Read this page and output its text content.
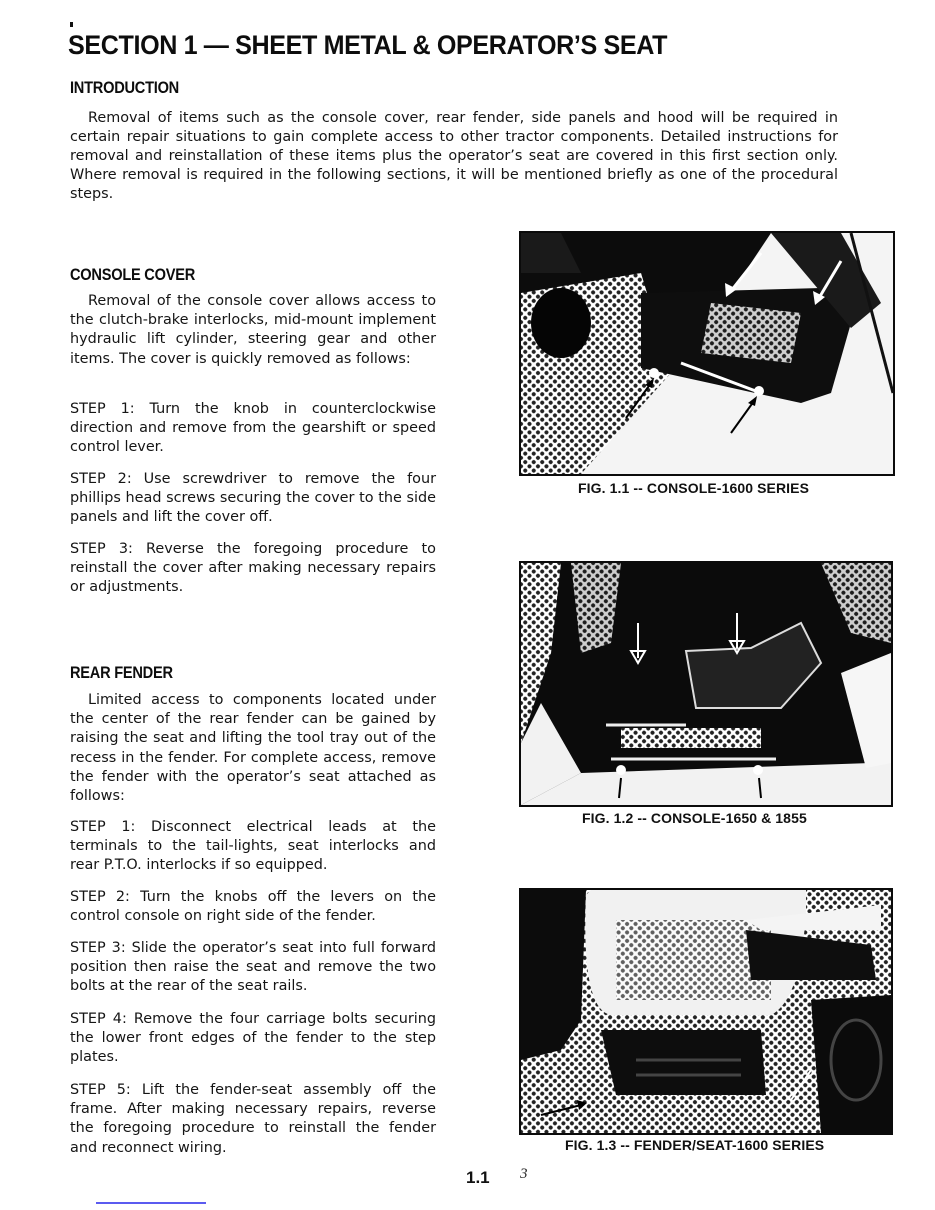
SECTION 1 — SHEET METAL & OPERATOR’S SEAT
INTRODUCTION
Removal of items such as the console cover, rear fender, side panels and hood will be required in certain repair situations to gain complete access to other tractor components. Detailed instructions for removal and reinstallation of these items plus the operator’s seat are covered in this first section only. Where removal is required in the following sections, it will be mentioned briefly as one of the procedural steps.
CONSOLE COVER
Removal of the console cover allows access to the clutch-brake interlocks, mid-mount implement hydraulic lift cylinder, steering gear and other items. The cover is quickly removed as follows:
STEP 1: Turn the knob in counterclockwise direction and remove from the gearshift or speed control lever.
STEP 2: Use screwdriver to remove the four phillips head screws securing the cover to the side panels and lift the cover off.
STEP 3: Reverse the foregoing procedure to reinstall the cover after making necessary repairs or adjustments.
REAR FENDER
Limited access to components located under the center of the rear fender can be gained by raising the seat and lifting the tool tray out of the recess in the fender. For complete access, remove the fender with the operator’s seat attached as follows:
STEP 1: Disconnect electrical leads at the terminals to the tail-lights, seat interlocks and rear P.T.O. interlocks if so equipped.
STEP 2: Turn the knobs off the levers on the control console on right side of the fender.
STEP 3: Slide the operator’s seat into full forward position then raise the seat and remove the two bolts at the rear of the seat rails.
STEP 4: Remove the four carriage bolts securing the lower front edges of the fender to the step plates.
STEP 5: Lift the fender-seat assembly off the frame. After making necessary repairs, reverse the foregoing procedure to reinstall the fender and reconnect wiring.
FIG. 1.1 -- CONSOLE-1600 SERIES
FIG. 1.2 -- CONSOLE-1650 & 1855
FIG. 1.3 -- FENDER/SEAT-1600 SERIES
1.1 3
